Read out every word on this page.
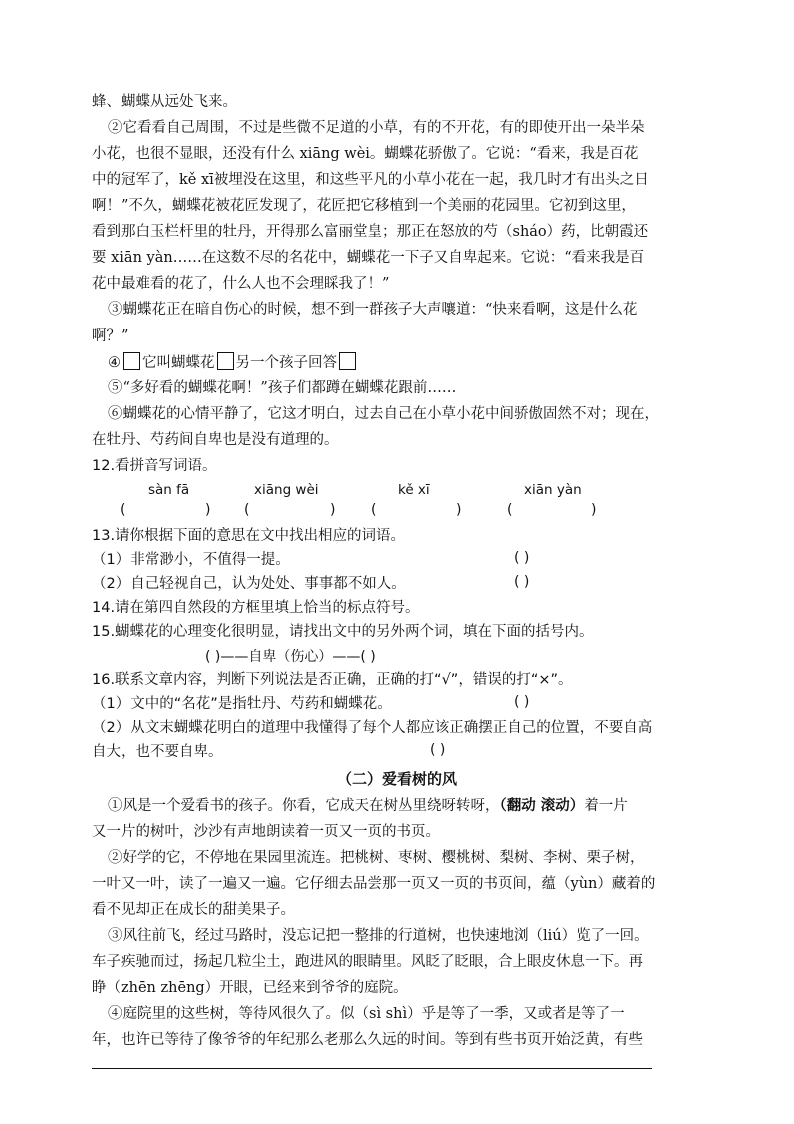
蜂、蝴蝶从远处飞来。
②它看看自己周围，不过是些微不足道的小草，有的不开花，有的即使开出一朵半朵
小花，也很不显眼，还没有什么 xiāng wèi。蝴蝶花骄傲了。它说：“看来，我是百花
中的冠军了，kě xī被埋没在这里，和这些平凡的小草小花在一起，我几时才有出头之日
啊！”不久，蝴蝶花被花匠发现了，花匠把它移植到一个美丽的花园里。它初到这里，
看到那白玉栏杆里的牡丹，开得那么富丽堂皇；那正在怒放的芍（sháo）药，比朝霞还
要 xiān yàn……在这数不尽的名花中，蝴蝶花一下子又自卑起来。它说：“看来我是百
花中最难看的花了，什么人也不会理睬我了！”
③蝴蝶花正在暗自伤心的时候，想不到一群孩子大声嚷道：“快来看啊，这是什么花
啊？”
④ 它叫蝴蝶花 另一个孩子回答
⑤“多好看的蝴蝶花啊！”孩子们都蹲在蝴蝶花跟前……
⑥蝴蝶花的心情平静了，它这才明白，过去自己在小草小花中间骄傲固然不对；现在，
在牡丹、芍药间自卑也是没有道理的。
12.看拼音写词语。
sàn fā	xiāng wèi	kě xī	xiān yàn
(	) (	)	(	)	(	)
13.请你根据下面的意思在文中找出相应的词语。
（1）非常渺小，不值得一提。	( )
（2）自己轻视自己，认为处处、事事都不如人。	( )
14.请在第四自然段的方框里填上恰当的标点符号。
15.蝴蝶花的心理变化很明显，请找出文中的另外两个词，填在下面的括号内。
( )——自卑（伤心）——( )
16.联系文章内容，判断下列说法是否正确，正确的打“√”，错误的打“×”。
（1）文中的“名花”是指牡丹、芍药和蝴蝶花。	( )
（2）从文末蝴蝶花明白的道理中我懂得了每个人都应该正确摆正自己的位置，不要自高
自大，也不要自卑。	( )
（二）爱看树的风
①风是一个爱看书的孩子。你看，它成天在树丛里绕呀转呀，（翻动 滚动）着一片
又一片的树叶，沙沙有声地朗读着一页又一页的书页。
②好学的它，不停地在果园里流连。把桃树、枣树、樱桃树、梨树、李树、栗子树，
一叶又一叶，读了一遍又一遍。它仔细去品尝那一页又一页的书页间，蕴（yùn）藏着的
看不见却正在成长的甜美果子。
③风往前飞，经过马路时，没忘记把一整排的行道树，也快速地浏（liú）览了一回。
车子疾驰而过，扬起几粒尘土，跑进风的眼睛里。风眨了眨眼，合上眼皮休息一下。再
睁（zhēn zhēng）开眼，已经来到爷爷的庭院。
④庭院里的这些树，等待风很久了。似（sì shì）乎是等了一季，又或者是等了一
年，也许已等待了像爷爷的年纪那么老那么久远的时间。等到有些书页开始泛黄，有些
